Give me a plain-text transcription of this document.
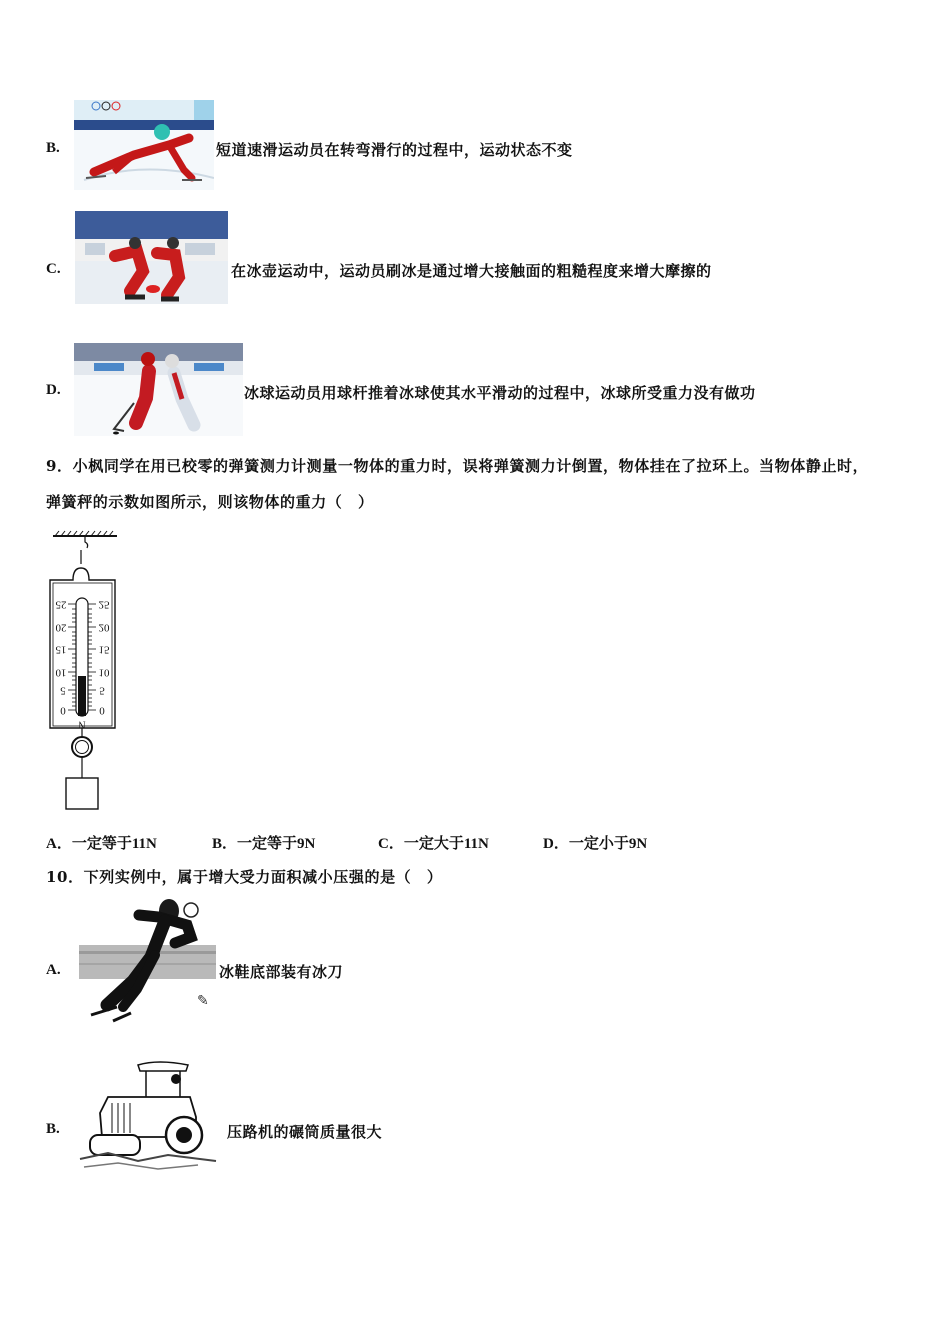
B.	短道速滑运动员在转弯滑行的过程中，运动状态不变
C.	在冰壶运动中，运动员刷冰是通过增大接触面的粗糙程度来增大摩擦的
D.	冰球运动员用球杆推着冰球使其水平滑动的过程中，冰球所受重力没有做功
9．小枫同学在用已校零的弹簧测力计测量一物体的重力时，误将弹簧测力计倒置，物体挂在了拉环上。当物体静止时，
弹簧秤的示数如图所示，则该物体的重力（　）
25
20
15
10
5
0
25
20
15
10
5
0
N
A．一定等于11N	B．一定等于9N	C．一定大于11N	D．一定小于9N
10．下列实例中，属于增大受力面积减小压强的是（　）
A.
✎
冰鞋底部装有冰刀
B.	压路机的碾筒质量很大
